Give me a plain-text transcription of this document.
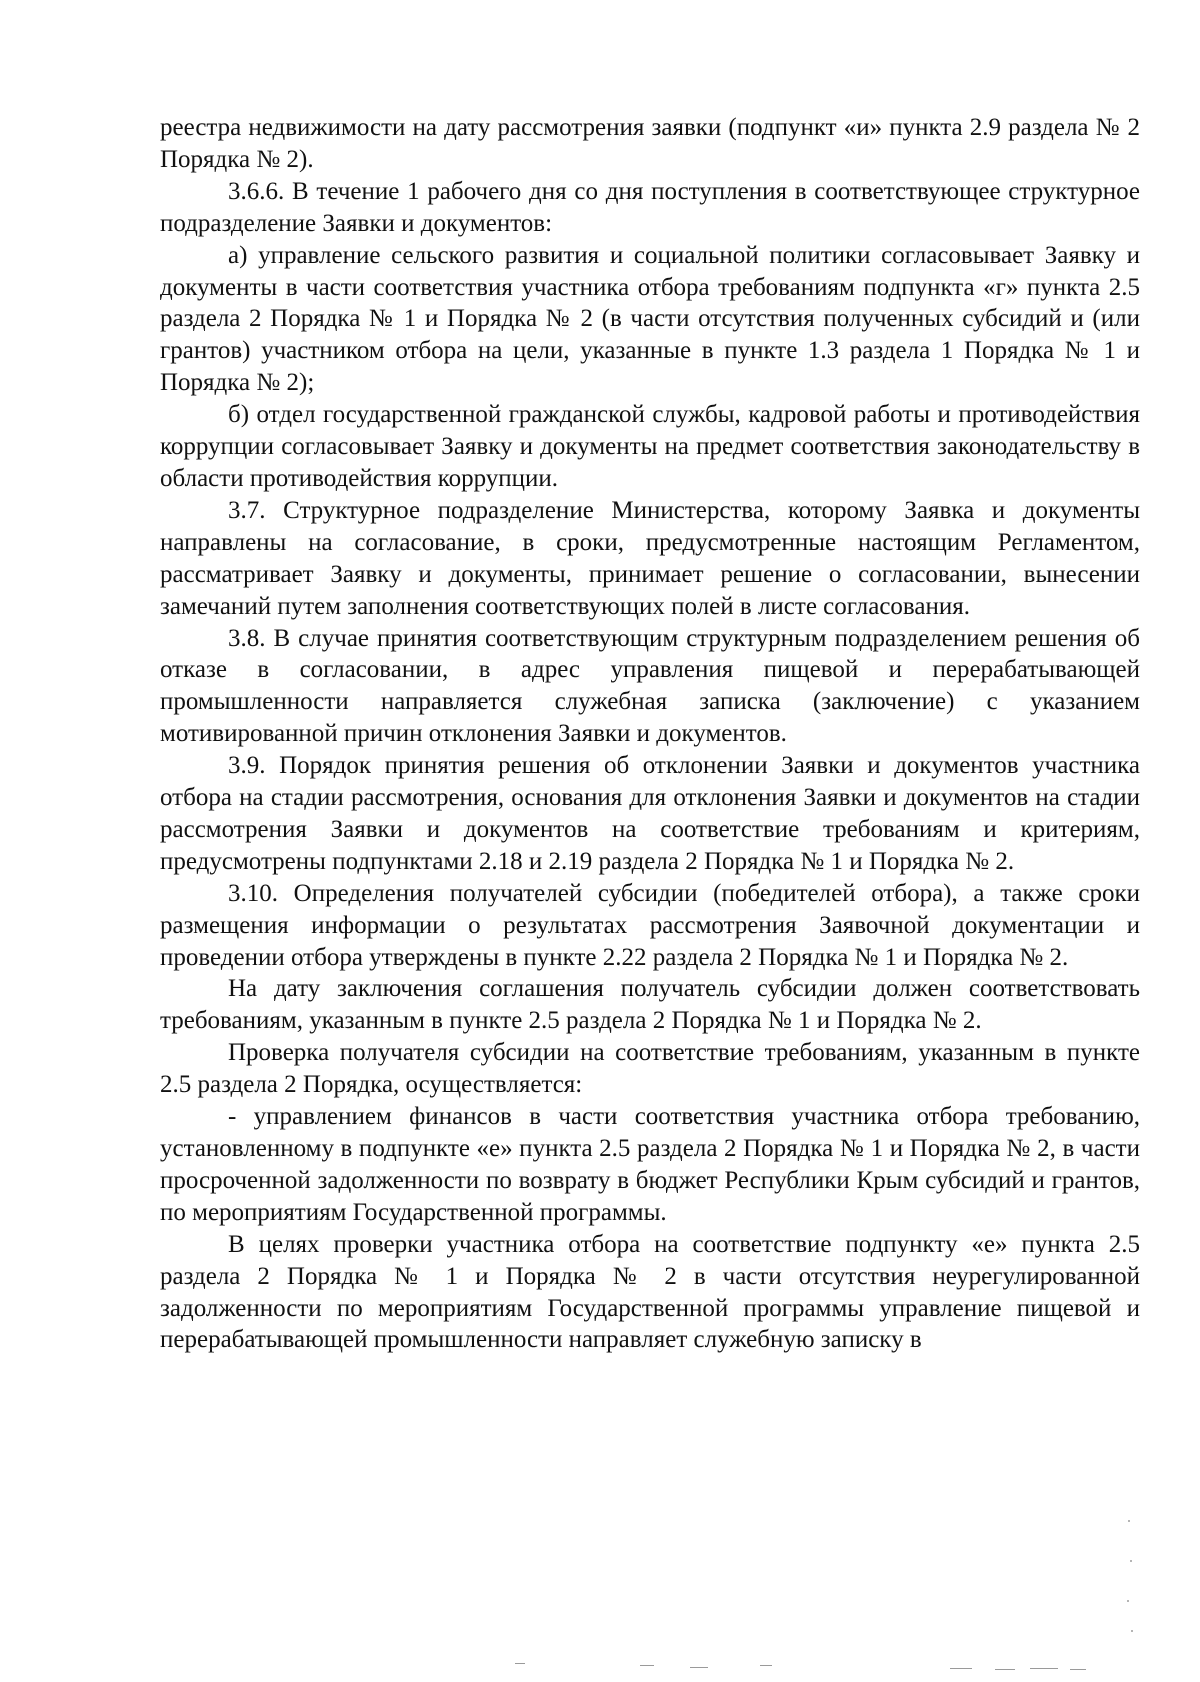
реестра недвижимости на дату рассмотрения заявки (подпункт «и» пункта 2.9 раздела № 2 Порядка № 2).

3.6.6. В течение 1 рабочего дня со дня поступления в соответствующее структурное подразделение Заявки и документов:

а) управление сельского развития и социальной политики согласовывает Заявку и документы в части соответствия участника отбора требованиям подпункта «г» пункта 2.5 раздела 2 Порядка № 1 и Порядка № 2 (в части отсутствия полученных субсидий и (или грантов) участником отбора на цели, указанные в пункте 1.3 раздела 1 Порядка № 1 и Порядка № 2);

б) отдел государственной гражданской службы, кадровой работы и противодействия коррупции согласовывает Заявку и документы на предмет соответствия законодательству в области противодействия коррупции.

3.7. Структурное подразделение Министерства, которому Заявка и документы направлены на согласование, в сроки, предусмотренные настоящим Регламентом, рассматривает Заявку и документы, принимает решение о согласовании, вынесении замечаний путем заполнения соответствующих полей в листе согласования.

3.8. В случае принятия соответствующим структурным подразделением решения об отказе в согласовании, в адрес управления пищевой и перерабатывающей промышленности направляется служебная записка (заключение) с указанием мотивированной причин отклонения Заявки и документов.

3.9. Порядок принятия решения об отклонении Заявки и документов участника отбора на стадии рассмотрения, основания для отклонения Заявки и документов на стадии рассмотрения Заявки и документов на соответствие требованиям и критериям, предусмотрены подпунктами 2.18 и 2.19 раздела 2 Порядка № 1 и Порядка № 2.

3.10. Определения получателей субсидии (победителей отбора), а также сроки размещения информации о результатах рассмотрения Заявочной документации и проведении отбора утверждены в пункте 2.22 раздела 2 Порядка № 1 и Порядка № 2.

На дату заключения соглашения получатель субсидии должен соответствовать требованиям, указанным в пункте 2.5 раздела 2 Порядка № 1 и Порядка № 2.

Проверка получателя субсидии на соответствие требованиям, указанным в пункте 2.5 раздела 2 Порядка, осуществляется:

- управлением финансов в части соответствия участника отбора требованию, установленному в подпункте «е» пункта 2.5 раздела 2 Порядка № 1 и Порядка № 2, в части просроченной задолженности по возврату в бюджет Республики Крым субсидий и грантов, по мероприятиям Государственной программы.

В целях проверки участника отбора на соответствие подпункту «е» пункта 2.5 раздела 2 Порядка № 1 и Порядка № 2 в части отсутствия неурегулированной задолженности по мероприятиям Государственной программы управление пищевой и перерабатывающей промышленности направляет служебную записку в
